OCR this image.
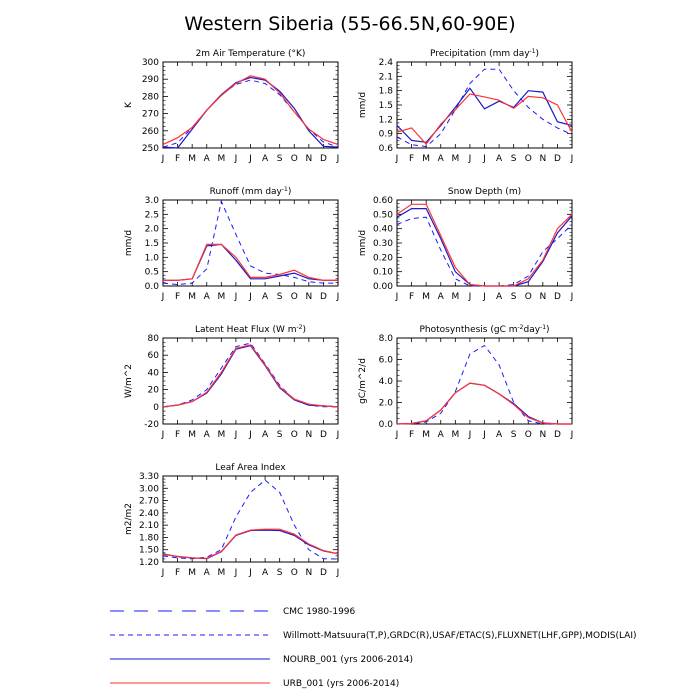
Western Siberia (55-66.5N,60-90E)
2m Air Temperature (°K)
J F M A M J J A S O N D J
250
260
270
280
290
300
K
Precipitation (mm day$^{-1}$)
J F M A M J J A S O N D J
0.6
0.9
1.2
1.5
1.8
2.1
2.4
mm/d
Runoff (mm day$^{-1}$)
J F M A M J J A S O N D J
0.0
0.5
1.0
1.5
2.0
2.5
3.0
mm/d
Snow Depth (m)
J F M A M J J A S O N D J
0.00
0.10
0.20
0.30
0.40
0.50
0.60
mm/d
Latent Heat Flux (W $m^{-2}$)
J F M A M J J A S O N D J
-20
0
20
40
60
80
W/m^2
Photosynthesis (gC $m^{-2}day^{-1}$)
J F M A M J J A S O N D J
0.0
2.0
4.0
6.0
8.0
gC/m^2/d
Leaf Area Index
J F M A M J J A S O N D J
1.20
1.50
1.80
2.10
2.40
2.70
3.00
3.30
m2/m2
CMC 1980-1996
Willmott-Matsuura(T,P),GRDC(R),USAF/ETAC(S),FLUXNET(LHF,GPP),MODIS(LAI)
NOURB_001 (yrs 2006-2014)
URB_001 (yrs 2006-2014)
